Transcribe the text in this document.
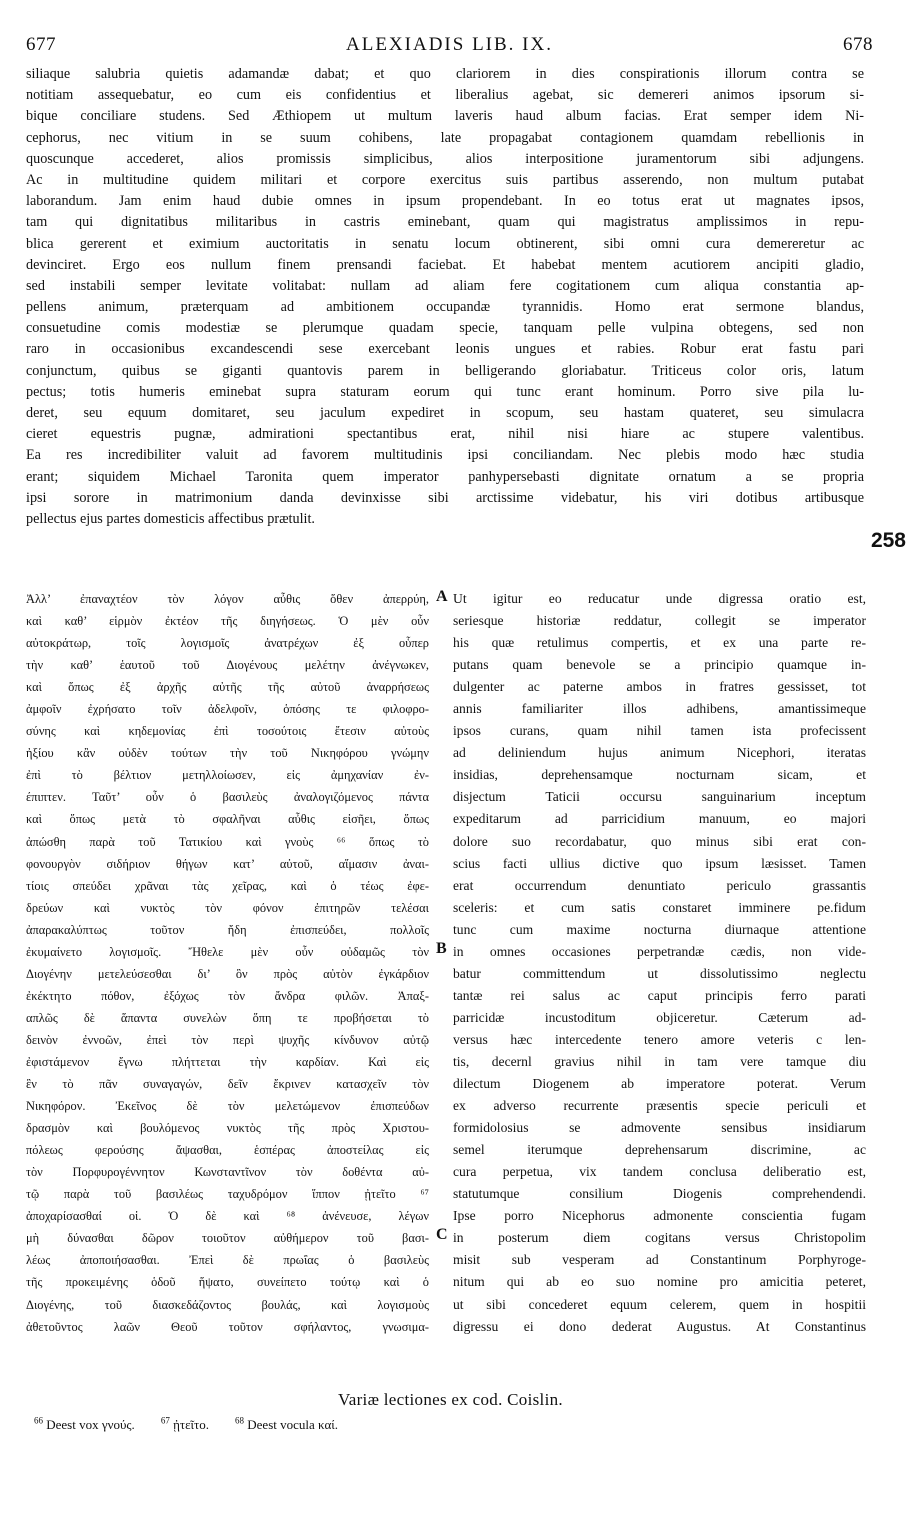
677	ALEXIADIS LIB. IX.	678
258
siliaque salubria quietis adamandæ dabat; et quo clariorem in dies conspirationis illorum contra se
notitiam assequebatur, eo cum eis confidentius et liberalius agebat, sic demereri animos ipsorum si-
bique conciliare studens. Sed Æthiopem ut multum laveris haud album facias. Erat semper idem Ni-
cephorus, nec vitium in se suum cohibens, late propagabat contagionem quamdam rebellionis in
quoscunque accederet, alios promissis simplicibus, alios interpositione juramentorum sibi adjungens.
Ac in multitudine quidem militari et corpore exercitus suis partibus asserendo, non multum putabat
laborandum. Jam enim haud dubie omnes in ipsum propendebant. In eo totus erat ut magnates ipsos,
tam qui dignitatibus militaribus in castris eminebant, quam qui magistratus amplissimos in repu-
blica gererent et eximium auctoritatis in senatu locum obtinerent, sibi omni cura demereretur ac
devinciret. Ergo eos nullum finem prensandi faciebat. Et habebat mentem acutiorem ancipiti gladio,
sed instabili semper levitate volitabat: nullam ad aliam fere cogitationem cum aliqua constantia ap-
pellens animum, præterquam ad ambitionem occupandæ tyrannidis. Homo erat sermone blandus,
consuetudine comis modestiæ se plerumque quadam specie, tanquam pelle vulpina obtegens, sed non
raro in occasionibus excandescendi sese exercebant leonis ungues et rabies. Robur erat fastu pari
conjunctum, quibus se giganti quantovis parem in belligerando gloriabatur. Triticeus color oris, latum
pectus; totis humeris eminebat supra staturam eorum qui tunc erant hominum. Porro sive pila lu-
deret, seu equum domitaret, seu jaculum expediret in scopum, seu hastam quateret, seu simulacra
cieret equestris pugnæ, admirationi spectantibus erat, nihil nisi hiare ac stupere valentibus.
Ea res incredibiliter valuit ad favorem multitudinis ipsi conciliandam. Nec plebis modo hæc studia
erant; siquidem Michael Taronita quem imperator panhypersebasti dignitate ornatum a se propria
ipsi sorore in matrimonium danda devinxisse sibi arctissime videbatur, his viri dotibus artibusque
pellectus ejus partes domesticis affectibus prætulit.
Ἀλλ’ ἐπαναχτέον τὸν λόγον αὖθις ὅθεν ἀπερρύη,
καὶ καθ’ εἱρμὸν ἐκτέον τῆς διηγήσεως. Ὁ μὲν οὖν
αὐτοκράτωρ, τοῖς λογισμοῖς ἀνατρέχων ἐξ οὗπερ
τὴν καθ’ ἑαυτοῦ τοῦ Διογένους μελέτην ἀνέγνωκεν,
καὶ ὅπως ἐξ ἀρχῆς αὐτῆς τῆς αὐτοῦ ἀναρρήσεως
ἀμφοῖν ἐχρήσατο τοῖν ἀδελφοῖν, ὁπόσης τε φιλοφρο-
σύνης καὶ κηδεμονίας ἐπὶ τοσούτοις ἔτεσιν αὐτοὺς
ἠξίου κἂν οὐδὲν τούτων τὴν τοῦ Νικηφόρου γνώμην
ἐπὶ τὸ βέλτιον μετηλλοίωσεν, εἰς ἀμηχανίαν ἐν-
έπιπτεν. Ταῦτ’ οὖν ὁ βασιλεὺς ἀναλογιζόμενος πάντα
καὶ ὅπως μετὰ τὸ σφαλῆναι αὖθις εἰσῆει, ὅπως
ἀπώσθη παρὰ τοῦ Τατικίου καὶ γνοὺς ⁶⁶ ὅπως τὸ
φονουργὸν σιδήριον θήγων κατ’ αὐτοῦ, αἵμασιν ἀναι-
τίοις σπεύδει χρᾶναι τὰς χεῖρας, καὶ ὁ τέως ἐφε-
δρεύων καὶ νυκτὸς τὸν φόνον ἐπιτηρῶν τελέσαι
ἀπαρακαλύπτως τοῦτον ἤδη ἐπισπεύδει, πολλοῖς
ἐκυμαίνετο λογισμοῖς. Ἤθελε μὲν οὖν οὐδαμῶς τὸν
Διογένην μετελεύσεσθαι δι’ ὃν πρὸς αὐτὸν ἐγκάρδιον
ἐκέκτητο πόθον, ἐξόχως τὸν ἄνδρα φιλῶν. Ἀπαξ-
απλῶς δὲ ἅπαντα συνελὼν ὅπη τε προβήσεται τὸ
δεινὸν ἐννοῶν, ἐπεὶ τὸν περὶ ψυχῆς κίνδυνον αὐτῷ
ἐφιστάμενον ἔγνω πλήττεται τὴν καρδίαν. Καὶ εἰς
ἓν τὸ πᾶν συναγαγών, δεῖν ἔκρινεν κατασχεῖν τὸν
Νικηφόρον. Ἐκεῖνος δὲ τὸν μελετώμενον ἐπισπεύδων
δρασμὸν καὶ βουλόμενος νυκτὸς τῆς πρὸς Χριστου-
πόλεως φερούσης ἄψασθαι, ἑσπέρας ἀποστείλας εἰς
τὸν Πορφυρογέννητον Κωνσταντῖνον τὸν δοθέντα αὐ-
τῷ παρὰ τοῦ βασιλέως ταχυδρόμον ἵππον ᾐτεῖτο ⁶⁷
ἀποχαρίσασθαί οἱ. Ὁ δὲ καὶ ⁶⁸ ἀνένευσε, λέγων
μὴ δύνασθαι δῶρον τοιοῦτον αὐθήμερον τοῦ βασι-
λέως ἀποποιήσασθαι. Ἐπεὶ δὲ πρωΐας ὁ βασιλεὺς
τῆς προκειμένης ὁδοῦ ἥψατο, συνείπετο τούτῳ καὶ ὁ
Διογένης, τοῦ διασκεδάζοντος βουλάς, καὶ λογισμοὺς
ἀθετοῦντος λαῶν Θεοῦ τοῦτον σφήλαντος, γνωσιμα-
A
B
C
Ut igitur eo reducatur unde digressa oratio est,
seriesque historiæ reddatur, collegit se imperator
his quæ retulimus compertis, et ex una parte re-
putans quam benevole se a principio quamque in-
dulgenter ac paterne ambos in fratres gessisset, tot
annis familiariter illos adhibens, amantissimeque
ipsos curans, quam nihil tamen ista profecissent
ad deliniendum hujus animum Nicephori, iteratas
insidias, deprehensamque nocturnam sicam, et
disjectum Taticii occursu sanguinarium inceptum
expeditarum ad parricidium manuum, eo majori
dolore suo recordabatur, quo minus sibi erat con-
scius facti ullius dictive quo ipsum læsisset. Tamen
erat occurrendum denuntiato periculo grassantis
sceleris: et cum satis constaret imminere pe.fidum
tunc cum maxime nocturna diurnaque attentione
in omnes occasiones perpetrandæ cædis, non vide-
batur committendum ut dissolutissimo neglectu
tantæ rei salus ac caput principis ferro parati
parricidæ incustoditum objiceretur. Cæterum ad-
versus hæc intercedente tenero amore veteris c len-
tis, decernl gravius nihil in tam vere tamque diu
dilectum Diogenem ab imperatore poterat. Verum
ex adverso recurrente præsentis specie periculi et
formidolosius se admovente sensibus insidiarum
semel iterumque deprehensarum discrimine, ac
cura perpetua, vix tandem conclusa deliberatio est,
statutumque consilium Diogenis comprehendendi.
Ipse porro Nicephorus admonente conscientia fugam
in posterum diem cogitans versus Christopolim
misit sub vesperam ad Constantinum Porphyroge-
nitum qui ab eo suo nomine pro amicitia peteret,
ut sibi concederet equum celerem, quem in hospitii
digressu ei dono dederat Augustus. At Constantinus
Variæ lectiones ex cod. Coislin.
$^{66}$ Deest vox γνούς.	$^{67}$ ᾐτεῖτο.	$^{68}$ Deest vocula καί.
